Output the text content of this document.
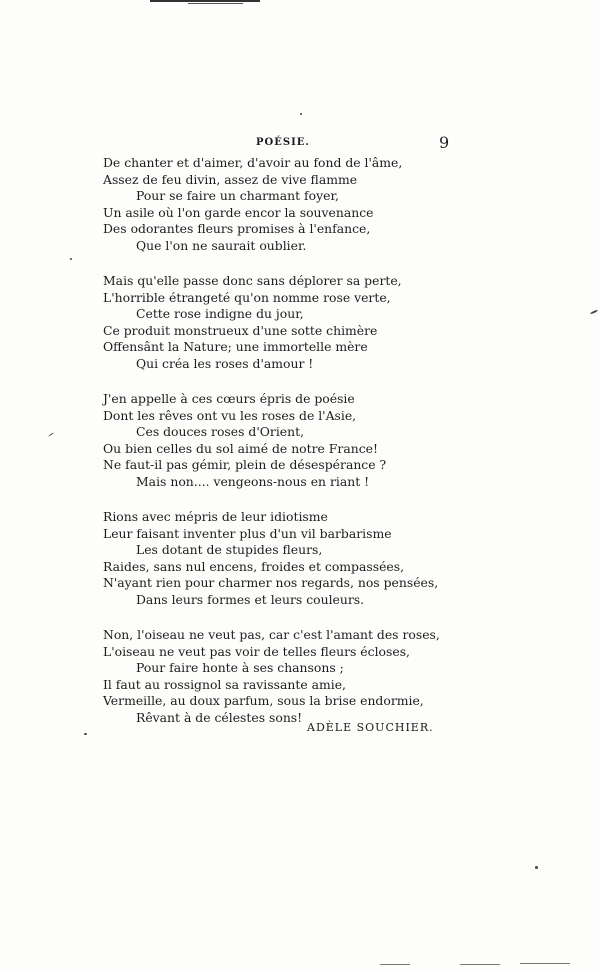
POÉSIE.	9
De chanter et d'aimer, d'avoir au fond de l'âme,
Assez de feu divin, assez de vive flamme
Pour se faire un charmant foyer,
Un asile où l'on garde encor la souvenance
Des odorantes fleurs promises à l'enfance,
Que l'on ne saurait oublier.
Mais qu'elle passe donc sans déplorer sa perte,
L'horrible étrangeté qu'on nomme rose verte,
Cette rose indigne du jour,
Ce produit monstrueux d'une sotte chimère
Offensânt la Nature; une immortelle mère
Qui créa les roses d'amour !
J'en appelle à ces cœurs épris de poésie
Dont les rêves ont vu les roses de l'Asie,
Ces douces roses d'Orient,
Ou bien celles du sol aimé de notre France!
Ne faut-il pas gémir, plein de désespérance ?
Mais non.... vengeons-nous en riant !
Rions avec mépris de leur idiotisme
Leur faisant inventer plus d'un vil barbarisme
Les dotant de stupides fleurs,
Raides, sans nul encens, froides et compassées,
N'ayant rien pour charmer nos regards, nos pensées,
Dans leurs formes et leurs couleurs.
Non, l'oiseau ne veut pas, car c'est l'amant des roses,
L'oiseau ne veut pas voir de telles fleurs écloses,
Pour faire honte à ses chansons ;
Il faut au rossignol sa ravissante amie,
Vermeille, au doux parfum, sous la brise endormie,
Rêvant à de célestes sons!
ADÈLE SOUCHIER.
